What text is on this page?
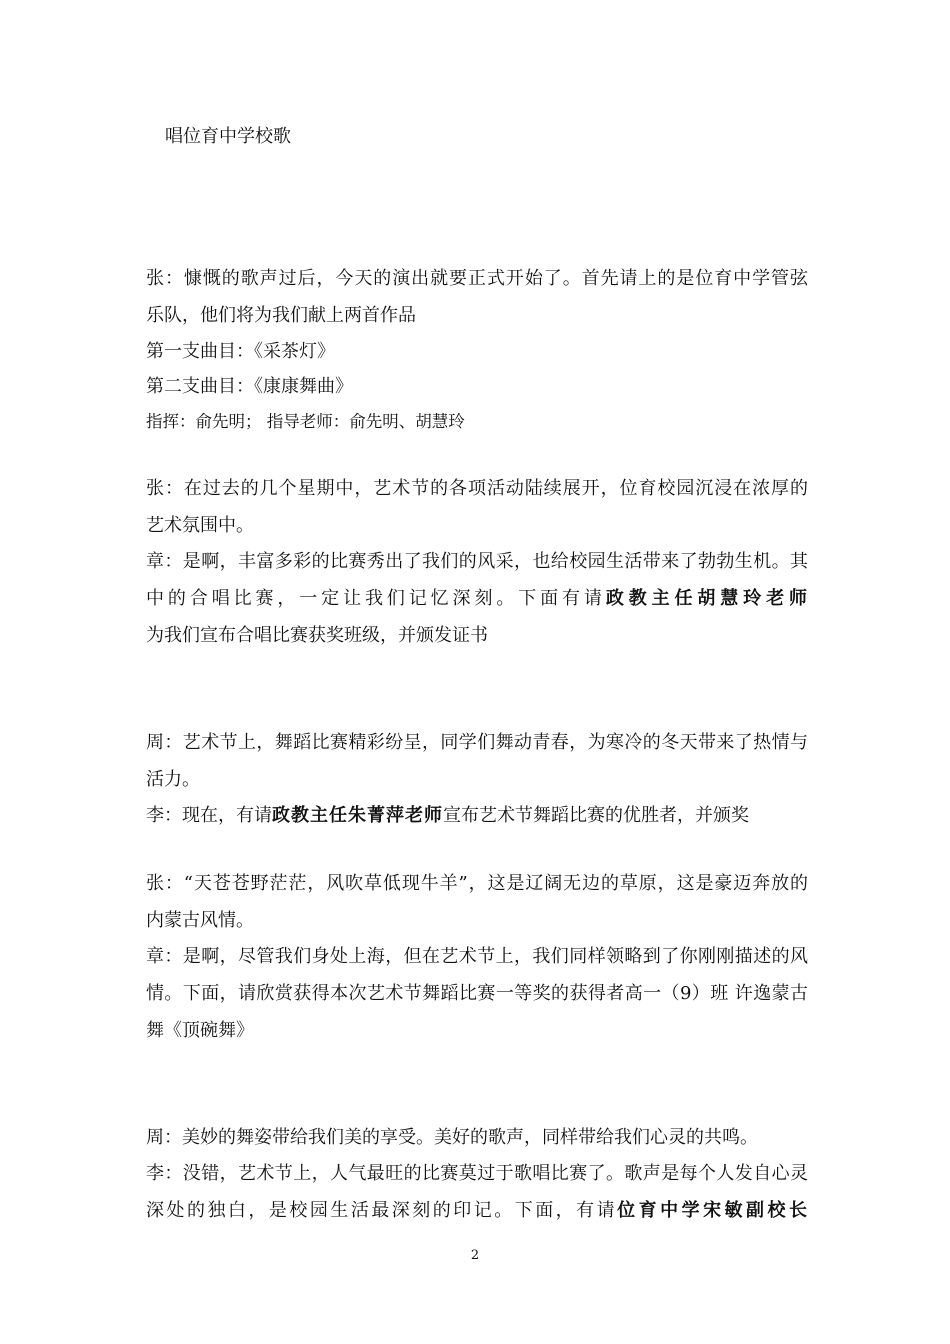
唱位育中学校歌
张：慷慨的歌声过后，今天的演出就要正式开始了。首先请上的是位育中学管弦
乐队，他们将为我们献上两首作品
第一支曲目：《采茶灯》
第二支曲目：《康康舞曲》
指挥：俞先明； 指导老师：俞先明、胡慧玲
张：在过去的几个星期中，艺术节的各项活动陆续展开，位育校园沉浸在浓厚的
艺术氛围中。
章：是啊，丰富多彩的比赛秀出了我们的风采，也给校园生活带来了勃勃生机。其
中的合唱比赛，一定让我们记忆深刻。下面有请政教主任胡慧玲老师
为我们宣布合唱比赛获奖班级，并颁发证书
周：艺术节上，舞蹈比赛精彩纷呈，同学们舞动青春，为寒冷的冬天带来了热情与
活力。
李：现在，有请政教主任朱菁萍老师宣布艺术节舞蹈比赛的优胜者，并颁奖
张：“天苍苍野茫茫，风吹草低现牛羊”，这是辽阔无边的草原，这是豪迈奔放的
内蒙古风情。
章：是啊，尽管我们身处上海，但在艺术节上，我们同样领略到了你刚刚描述的风
情。下面，请欣赏获得本次艺术节舞蹈比赛一等奖的获得者高一（9）班 许逸蒙古
舞《顶碗舞》
周：美妙的舞姿带给我们美的享受。美好的歌声，同样带给我们心灵的共鸣。
李：没错，艺术节上，人气最旺的比赛莫过于歌唱比赛了。歌声是每个人发自心灵
深处的独白，是校园生活最深刻的印记。下面，有请位育中学宋敏副校长
2
